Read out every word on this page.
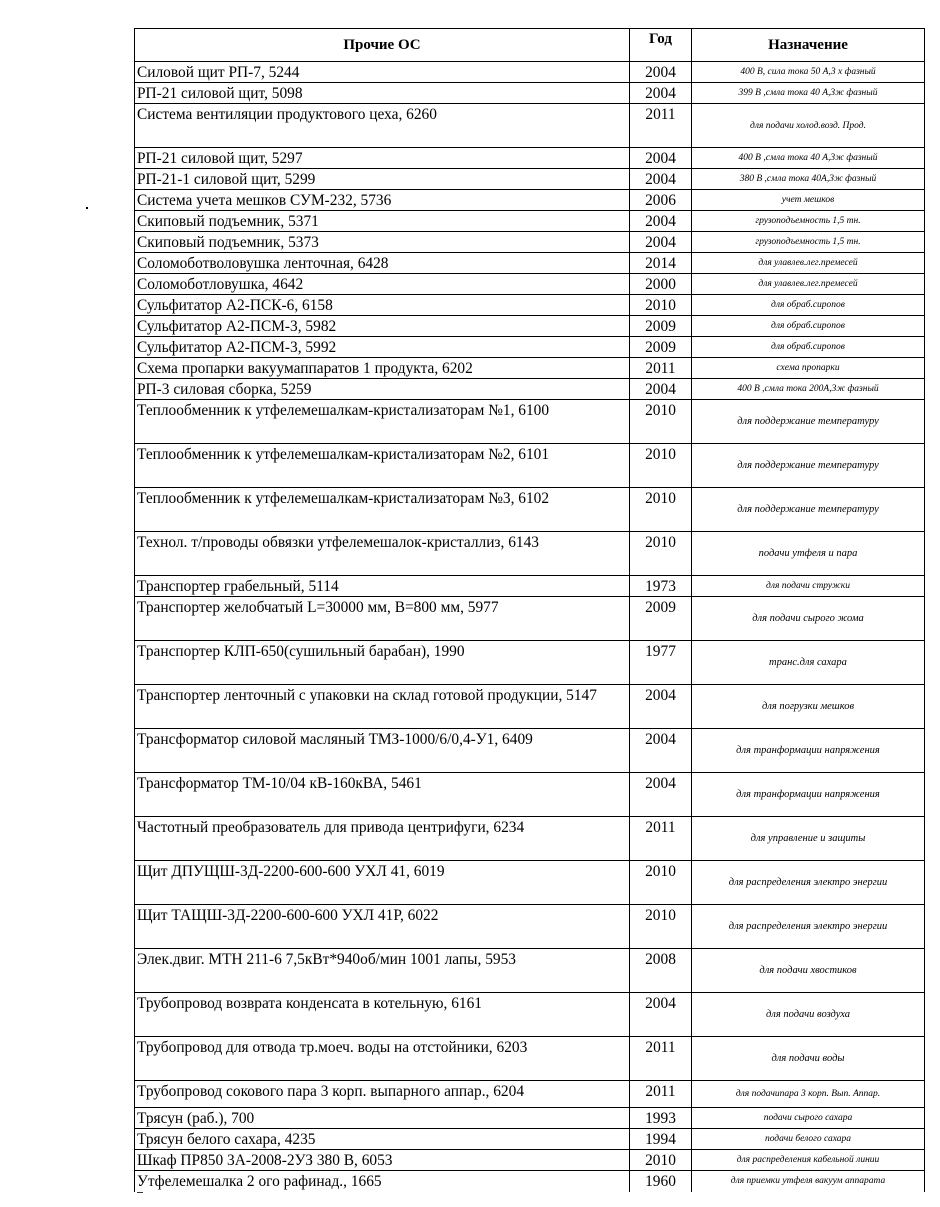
Прочие ОС	Год	Назначение
Силовой щит РП-7, 5244	2004	400 В, сила тока 50 А,3 х фазный
РП-21 силовой щит, 5098	2004	399 В ,смла тока 40 А,3ж фазный
Система вентиляции продуктового цеха, 6260	2011	для подачи холод.возд. Прод.
РП-21 силовой щит, 5297	2004	400 В ,смла тока 40 А,3ж фазный
РП-21-1 силовой щит, 5299	2004	380 В ,смла тока 40А,3ж фазный
Система учета мешков СУМ-232, 5736	2006	учет мешков
Скиповый подъемник, 5371	2004	грузоподъемность 1,5 тн.
Скиповый подъемник, 5373	2004	грузоподъемность 1,5 тн.
Соломоботволовушка ленточная, 6428	2014	для улавлев.лег.премесей
Соломоботловушка, 4642	2000	для улавлев.лег.премесей
Сульфитатор А2-ПСК-6, 6158	2010	для обраб.сиропов
Сульфитатор А2-ПСМ-3, 5982	2009	для обраб.сиропов
Сульфитатор А2-ПСМ-3, 5992	2009	для обраб.сиропов
Схема пропарки вакуумаппаратов 1 продукта, 6202	2011	схема пропарки
РП-3 силовая сборка, 5259	2004	400 В ,смла тока 200А,3ж фазный
Теплообменник к утфелемешалкам-кристализаторам №1, 6100	2010	для поддержание температуру
Теплообменник к утфелемешалкам-кристализаторам №2, 6101	2010	для поддержание температуру
Теплообменник к утфелемешалкам-кристализаторам №3, 6102	2010	для поддержание температуру
Технол. т/проводы обвязки утфелемешалок-кристаллиз, 6143	2010	подачи утфеля и пара
Транспортер грабельный, 5114	1973	для подачи стружки
Транспортер желобчатый L=30000 мм, В=800 мм, 5977	2009	для подачи сырого жома
Транспортер КЛП-650(сушильный барабан), 1990	1977	транс.для сахара
Транспортер ленточный с упаковки на склад готовой продукции, 5147	2004	для погрузки мешков
Трансформатор силовой масляный ТМЗ-1000/6/0,4-У1, 6409	2004	для транформации напряжения
Трансформатор ТМ-10/04 кВ-160кВА, 5461	2004	для транформации напряжения
Частотный преобразователь для привода центрифуги, 6234	2011	для управление и защиты
Щит ДПУЩШ-3Д-2200-600-600 УХЛ 41, 6019	2010	для распределения электро энергии
Щит ТАЩШ-3Д-2200-600-600 УХЛ 41Р, 6022	2010	для распределения электро энергии
Элек.двиг. МТН 211-6 7,5кВт*940об/мин 1001 лапы, 5953	2008	для подачи хвостиков
Трубопровод возврата конденсата в котельную, 6161	2004	для подачи воздуха
Трубопровод для отвода тр.моеч. воды на отстойники, 6203	2011	для подачи воды
Трубопровод сокового пара 3 корп. выпарного аппар., 6204	2011	для подачипара 3 корп. Вып. Аппар.
Трясун (раб.), 700	1993	подачи сырого сахара
Трясун белого сахара, 4235	1994	подачи белого сахара
Шкаф ПР850 3А-2008-2УЗ 380 В, 6053	2010	для распределения кабельной линии
Утфелемешалка 2 ого рафинад., 1665	1960	для приемки утфеля вакуум аппарата
